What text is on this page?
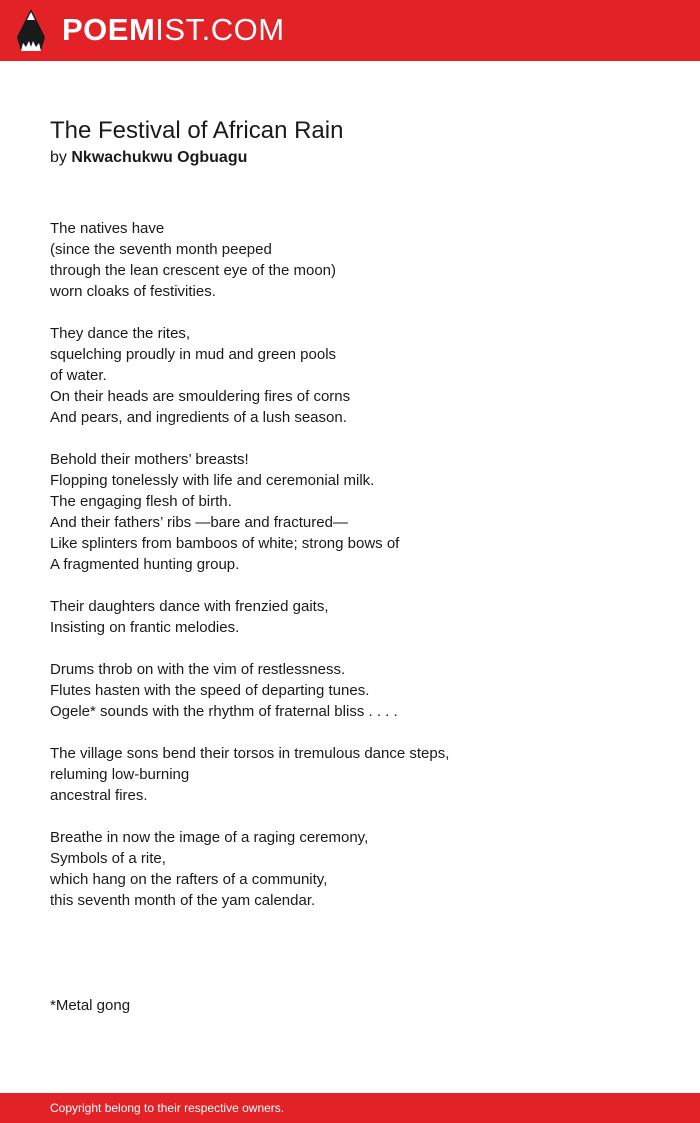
POEMIST.COM
The Festival of African Rain

by Nkwachukwu Ogbuagu

The natives have
(since the seventh month peeped
through the lean crescent eye of the moon)
worn cloaks of festivities.
They dance the rites,
squelching proudly in mud and green pools
of water.
On their heads are smouldering fires of corns
And pears, and ingredients of a lush season.
Behold their mothers’ breasts!
Flopping tonelessly with life and ceremonial milk.
The engaging flesh of birth.
And their fathers’ ribs —bare and fractured—
Like splinters from bamboos of white; strong bows of
A fragmented hunting group.
Their daughters dance with frenzied gaits,
Insisting on frantic melodies.
Drums throb on with the vim of restlessness.
Flutes hasten with the speed of departing tunes.
Ogele* sounds with the rhythm of fraternal bliss . . . .
The village sons bend their torsos in tremulous dance steps,
reluming low-burning
ancestral fires.
Breathe in now the image of a raging ceremony,
Symbols of a rite,
which hang on the rafters of a community,
this seventh month of the yam calendar.
*Metal gong
Copyright belong to their respective owners.
